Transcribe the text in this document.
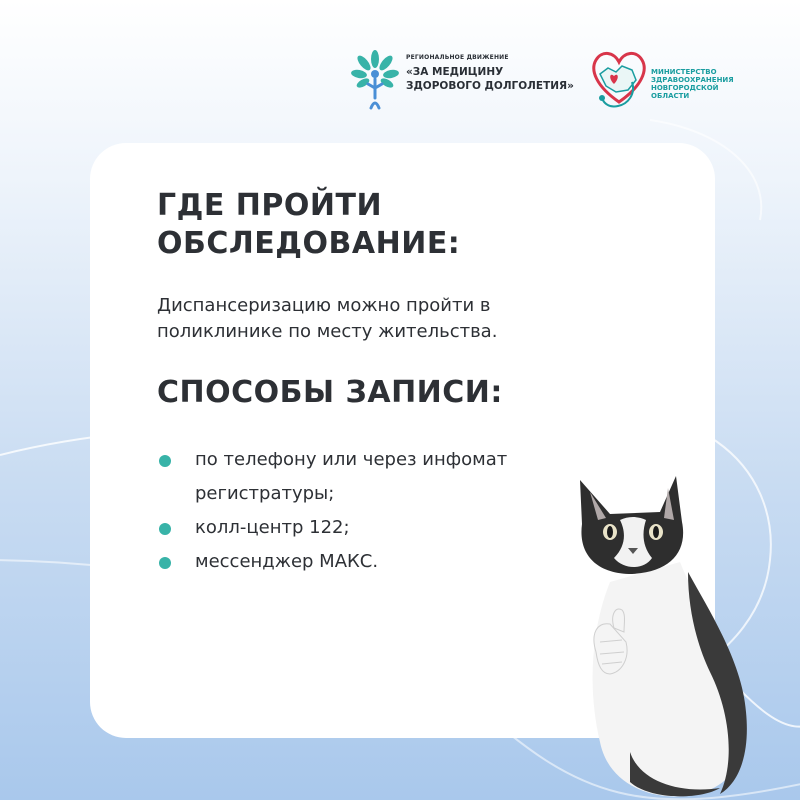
РЕГИОНАЛЬНОЕ ДВИЖЕНИЕ
«ЗА МЕДИЦИНУ
ЗДОРОВОГО ДОЛГОЛЕТИЯ»
МИНИСТЕРСТВО
ЗДРАВООХРАНЕНИЯ
НОВГОРОДСКОЙ
ОБЛАСТИ
ГДЕ ПРОЙТИ
ОБСЛЕДОВАНИЕ:
Диспансеризацию можно пройти в поликлинике по месту жительства.
СПОСОБЫ ЗАПИСИ:
по телефону или через инфомат регистратуры;
колл-центр 122;
мессенджер МАКС.
